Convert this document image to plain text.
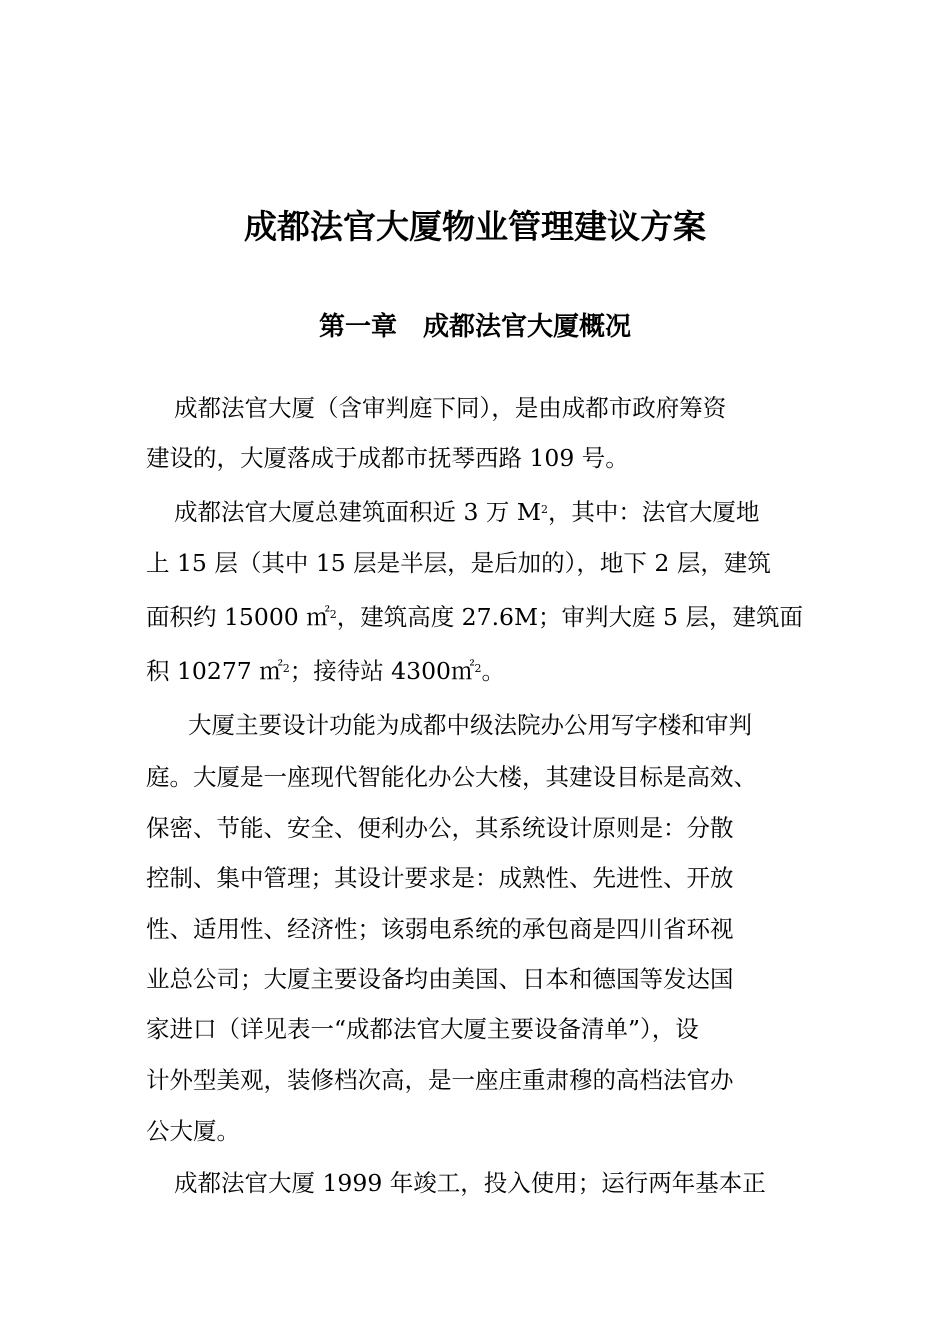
成都法官大厦物业管理建议方案
第一章　成都法官大厦概况
成都法官大厦（含审判庭下同），是由成都市政府筹资
建设的，大厦落成于成都市抚琴西路 109 号。
成都法官大厦总建筑面积近 3 万 $M^2$，其中：法官大厦地
上 15 层（其中 15 层是半层，是后加的），地下 2 层，建筑
面积约 15000 ㎡$^2$，建筑高度 27.6M；审判大庭 5 层，建筑面
积 10277 ㎡$^2$；接待站 4300㎡$^2$。
大厦主要设计功能为成都中级法院办公用写字楼和审判
庭。大厦是一座现代智能化办公大楼，其建设目标是高效、
保密、节能、安全、便利办公，其系统设计原则是：分散
控制、集中管理；其设计要求是：成熟性、先进性、开放
性、适用性、经济性；该弱电系统的承包商是四川省环视
业总公司；大厦主要设备均由美国、日本和德国等发达国
家进口（详见表一“成都法官大厦主要设备清单”），设
计外型美观，装修档次高，是一座庄重肃穆的高档法官办
公大厦。
成都法官大厦 1999 年竣工，投入使用；运行两年基本正
